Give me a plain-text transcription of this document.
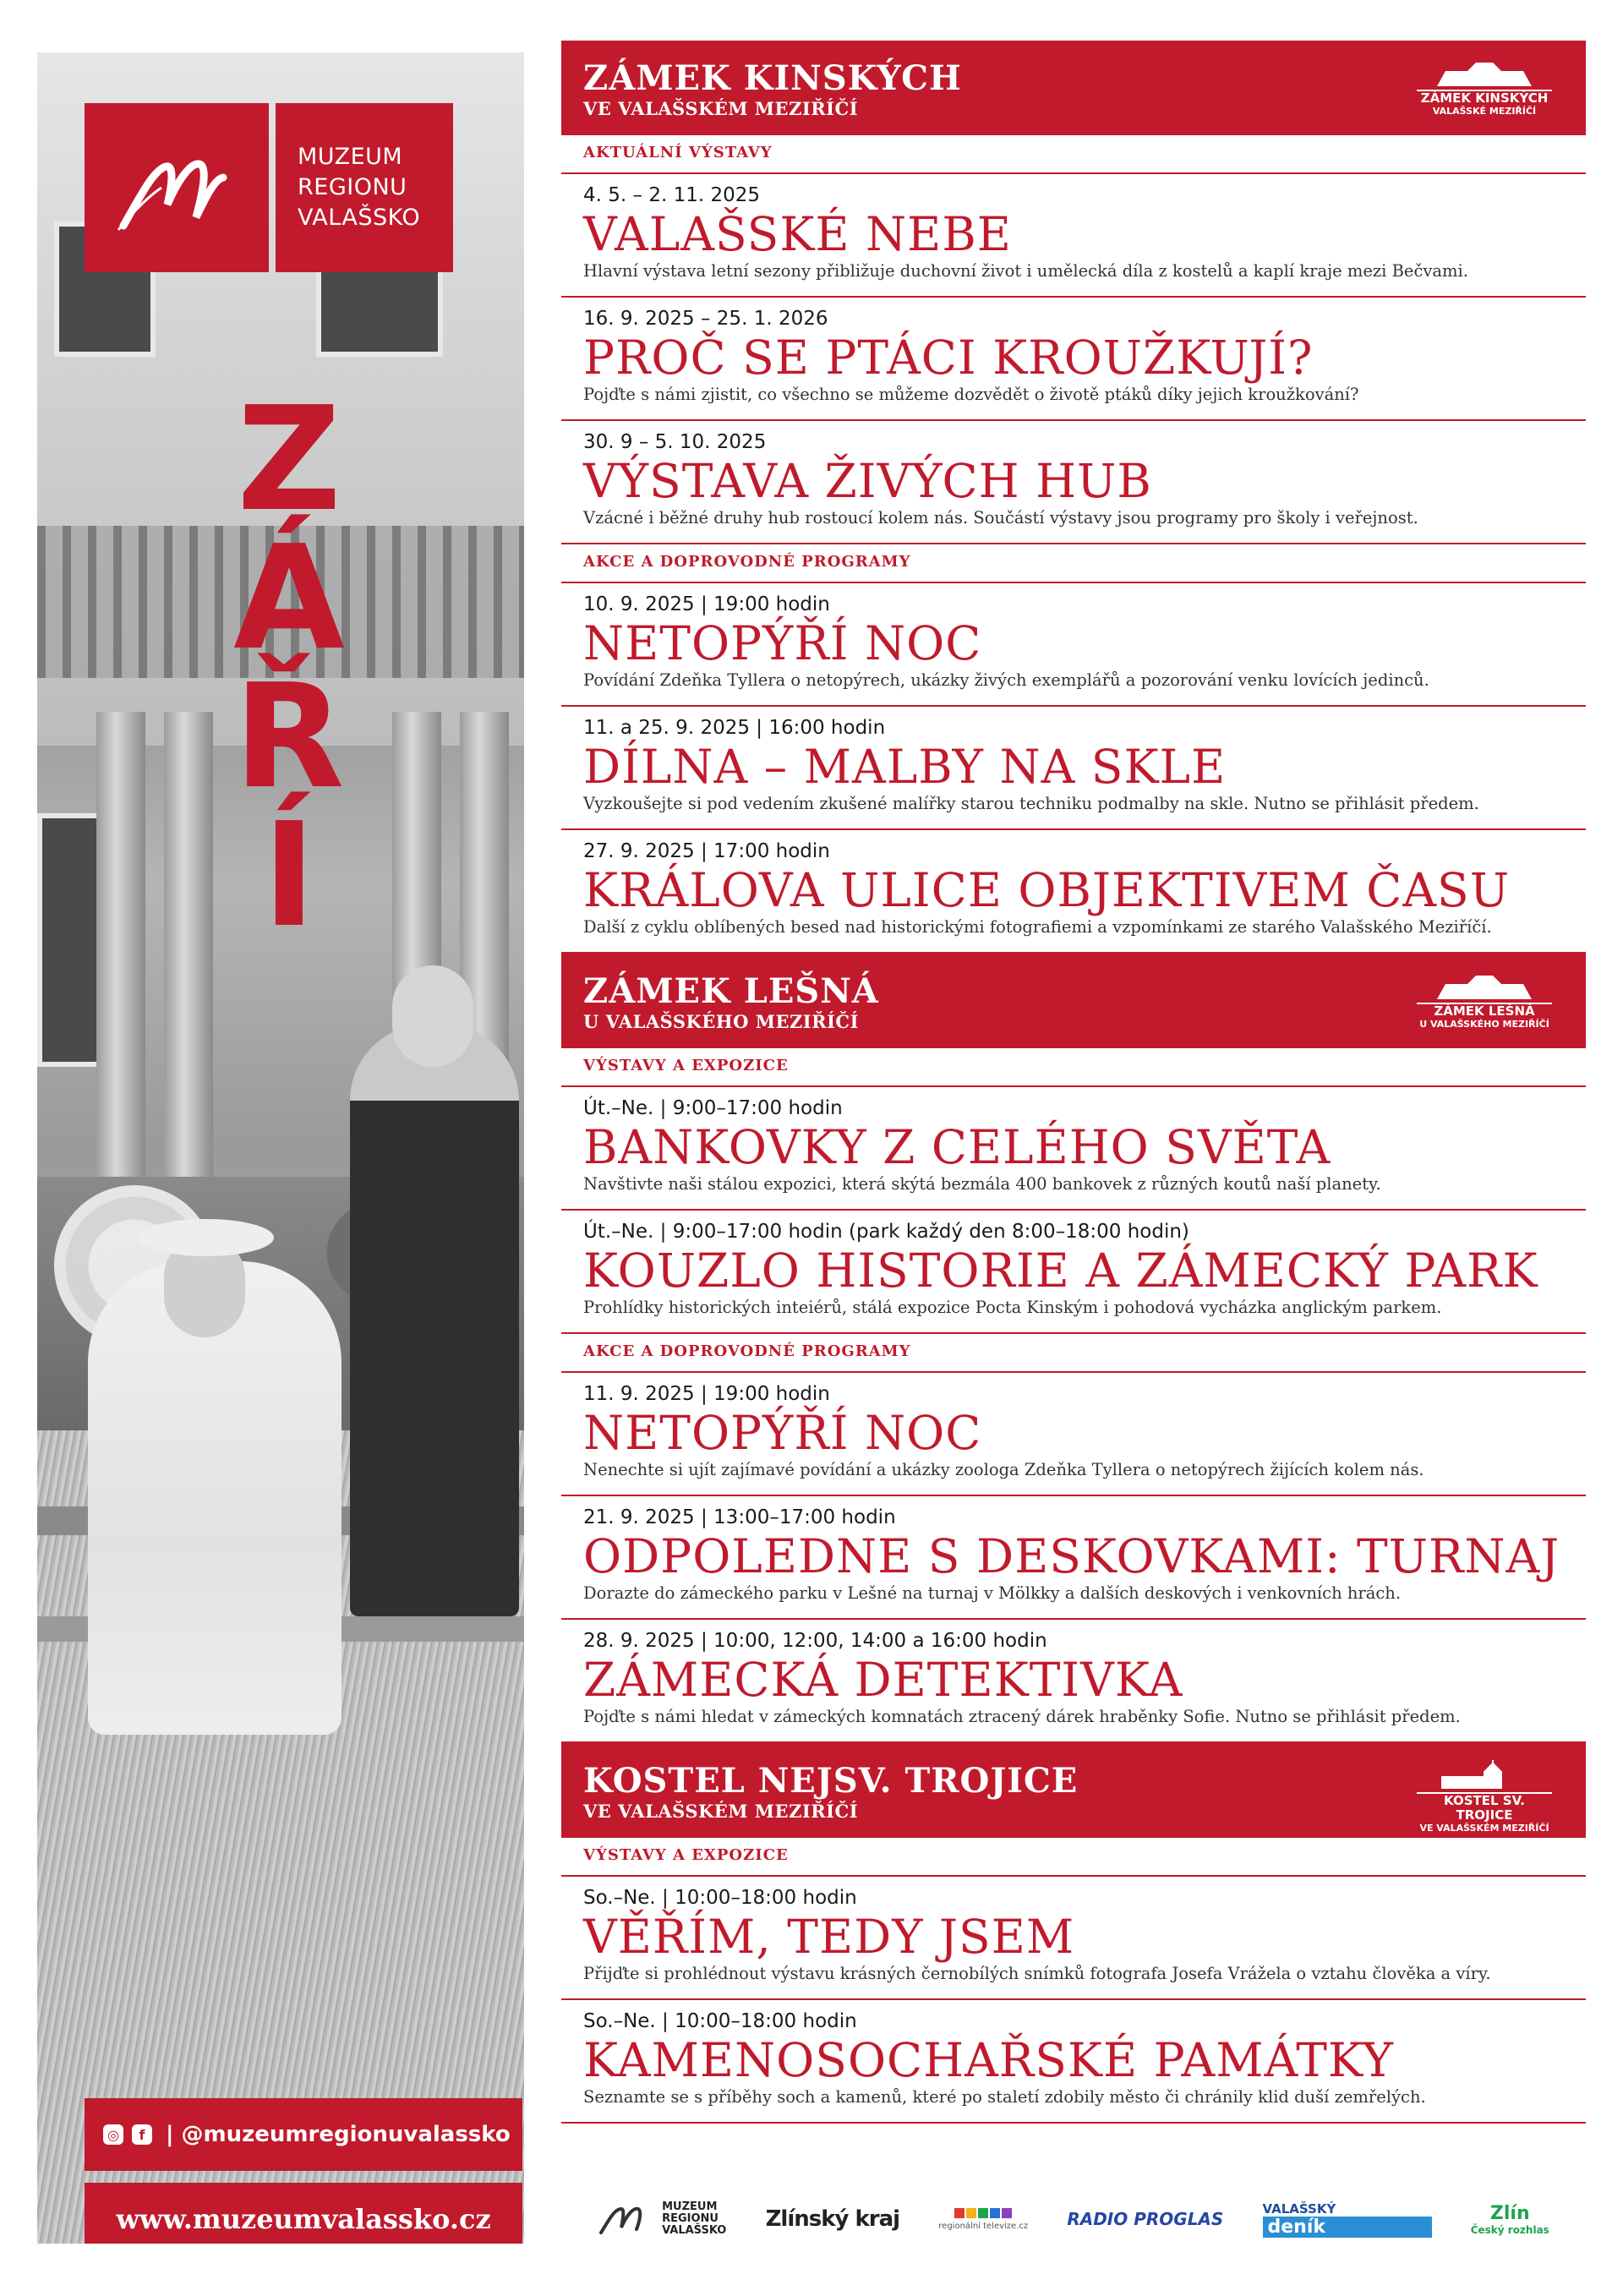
MUZEUM
REGIONU
VALAŠSKO
Z
Á
Ř
Í
◎	f | @muzeumregionuvalassko
www.muzeumvalassko.cz
ZÁMEK KINSKÝCH
VE VALAŠSKÉM MEZIŘÍČÍ	ZÁMEK KINSKÝCH
VALAŠSKÉ MEZIŘÍČÍ
AKTUÁLNÍ VÝSTAVY
4. 5. – 2. 11. 2025
VALAŠSKÉ NEBE
Hlavní výstava letní sezony přibližuje duchovní život i umělecká díla z kostelů a kaplí kraje mezi Bečvami.
16. 9. 2025 – 25. 1. 2026
PROČ SE PTÁCI KROUŽKUJÍ?
Pojďte s námi zjistit, co všechno se můžeme dozvědět o životě ptáků díky jejich kroužkování?
30. 9 – 5. 10. 2025
VÝSTAVA ŽIVÝCH HUB
Vzácné i běžné druhy hub rostoucí kolem nás. Součástí výstavy jsou programy pro školy i veřejnost.
AKCE A DOPROVODNÉ PROGRAMY
10. 9. 2025 | 19:00 hodin
NETOPÝŘÍ NOC
Povídání Zdeňka Tyllera o netopýrech, ukázky živých exemplářů a pozorování venku lovících jedinců.
11. a 25. 9. 2025 | 16:00 hodin
DÍLNA – MALBY NA SKLE
Vyzkoušejte si pod vedením zkušené malířky starou techniku podmalby na skle. Nutno se přihlásit předem.
27. 9. 2025 | 17:00 hodin
KRÁLOVA ULICE OBJEKTIVEM ČASU
Další z cyklu oblíbených besed nad historickými fotografiemi a vzpomínkami ze starého Valašského Meziříčí.
ZÁMEK LEŠNÁ
U VALAŠSKÉHO MEZIŘÍČÍ	ZÁMEK LEŠNÁ
U VALAŠSKÉHO MEZIŘÍČÍ
VÝSTAVY A EXPOZICE
Út.–Ne. | 9:00–17:00 hodin
BANKOVKY Z CELÉHO SVĚTA
Navštivte naši stálou expozici, která skýtá bezmála 400 bankovek z různých koutů naší planety.
Út.–Ne. | 9:00–17:00 hodin (park každý den 8:00–18:00 hodin)
KOUZLO HISTORIE A ZÁMECKÝ PARK
Prohlídky historických inteiérů, stálá expozice Pocta Kinským i pohodová vycházka anglickým parkem.
AKCE A DOPROVODNÉ PROGRAMY
11. 9. 2025 | 19:00 hodin
NETOPÝŘÍ NOC
Nenechte si ujít zajímavé povídání a ukázky zoologa Zdeňka Tyllera o netopýrech žijících kolem nás.
21. 9. 2025 | 13:00–17:00 hodin
ODPOLEDNE S DESKOVKAMI: TURNAJ
Dorazte do zámeckého parku v Lešné na turnaj v Mölkky a dalších deskových i venkovních hrách.
28. 9. 2025 | 10:00, 12:00, 14:00 a 16:00 hodin
ZÁMECKÁ DETEKTIVKA
Pojďte s námi hledat v zámeckých komnatách ztracený dárek hraběnky Sofie. Nutno se přihlásit předem.
KOSTEL NEJSV. TROJICE
VE VALAŠSKÉM MEZIŘÍČÍ	KOSTEL SV. TROJICE
VE VALAŠSKÉM MEZIŘÍČÍ
VÝSTAVY A EXPOZICE
So.–Ne. | 10:00–18:00 hodin
VĚŘÍM, TEDY JSEM
Přijďte si prohlédnout výstavu krásných černobílých snímků fotografa Josefa Vrážela o vztahu člověka a víry.
So.–Ne. | 10:00–18:00 hodin
KAMENOSOCHAŘSKÉ PAMÁTKY
Seznamte se s příběhy soch a kamenů, které po staletí zdobily město či chránily klid duší zemřelých.
MUZEUM
REGIONU
VALAŠSKO Zlínský kraj	regionální televize.cz RADIO PROGLAS
VALAŠSKÝ
deník
Zlín
Český rozhlas
